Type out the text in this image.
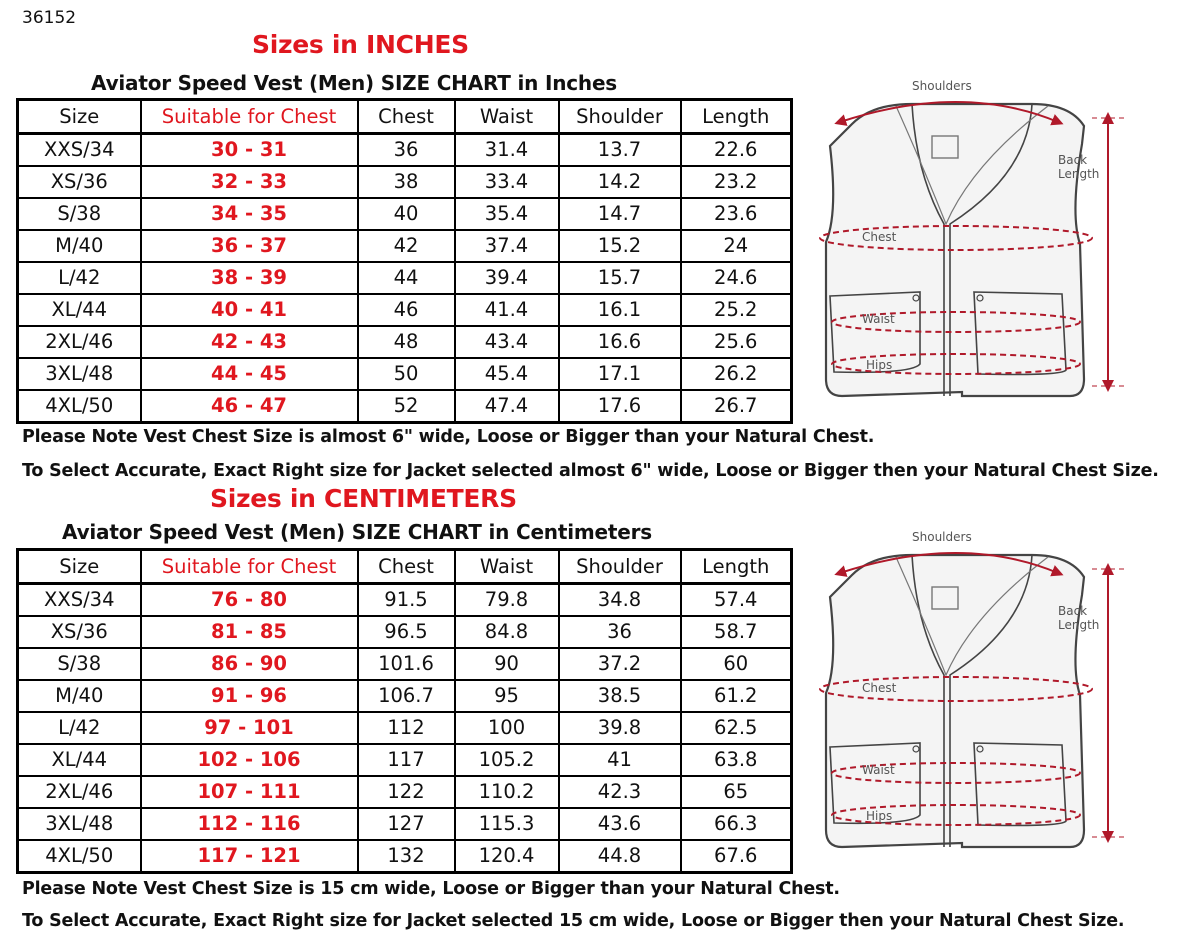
36152
Sizes in INCHES
Aviator Speed Vest (Men) SIZE CHART in Inches
Size	Suitable for Chest	Chest	Waist	Shoulder	Length
XXS/34	30 - 31	36	31.4	13.7	22.6
XS/36	32 - 33	38	33.4	14.2	23.2
S/38	34 - 35	40	35.4	14.7	23.6
M/40	36 - 37	42	37.4	15.2	24
L/42	38 - 39	44	39.4	15.7	24.6
XL/44	40 - 41	46	41.4	16.1	25.2
2XL/46	42 - 43	48	43.4	16.6	25.6
3XL/48	44 - 45	50	45.4	17.1	26.2
4XL/50	46 - 47	52	47.4	17.6	26.7
Shoulders
Back
Length
Chest
Waist
Hips
Please Note Vest Chest Size is almost 6" wide, Loose or Bigger than your Natural Chest.
To Select Accurate, Exact Right size for Jacket selected almost 6" wide, Loose or Bigger then your Natural Chest Size.
Sizes in CENTIMETERS
Aviator Speed Vest (Men) SIZE CHART in Centimeters
Size	Suitable for Chest	Chest	Waist	Shoulder	Length
XXS/34	76 - 80	91.5	79.8	34.8	57.4
XS/36	81 - 85	96.5	84.8	36	58.7
S/38	86 - 90	101.6	90	37.2	60
M/40	91 - 96	106.7	95	38.5	61.2
L/42	97 - 101	112	100	39.8	62.5
XL/44	102 - 106	117	105.2	41	63.8
2XL/46	107 - 111	122	110.2	42.3	65
3XL/48	112 - 116	127	115.3	43.6	66.3
4XL/50	117 - 121	132	120.4	44.8	67.6
Shoulders
Back
Length
Chest
Waist
Hips
Please Note Vest Chest Size is 15 cm wide, Loose or Bigger than your Natural Chest.
To Select Accurate, Exact Right size for Jacket selected 15 cm wide, Loose or Bigger then your Natural Chest Size.
